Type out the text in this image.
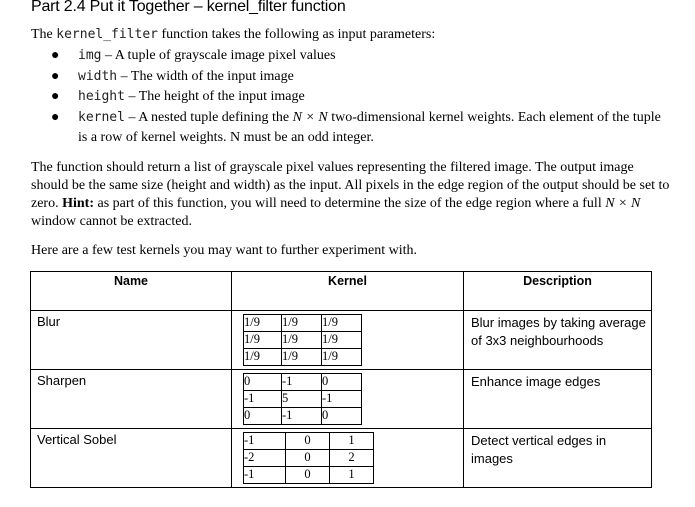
Part 2.4 Put it Together – kernel_filter function
The kernel_filter function takes the following as input parameters:
● img – A tuple of grayscale image pixel values
● width – The width of the input image
● height – The height of the input image
● kernel – A nested tuple defining the N × N two-dimensional kernel weights. Each element of the tuple is a row of kernel weights. N must be an odd integer.
The function should return a list of grayscale pixel values representing the filtered image. The output image should be the same size (height and width) as the input. All pixels in the edge region of the output should be set to zero. Hint: as part of this function, you will need to determine the size of the edge region where a full N × N window cannot be extracted.
Here are a few test kernels you may want to further experiment with.
Name	Kernel	Description
Blur		1/9	1/9	1/9
1/9	1/9	1/9
1/9	1/9	1/9
	Blur images by taking average of 3x3 neighbourhoods
Sharpen		0	-1	0
-1	5	-1
0	-1	0
	Enhance image edges
Vertical Sobel		-1	0	1
-2	0	2
-1	0	1
	Detect vertical edges in images
